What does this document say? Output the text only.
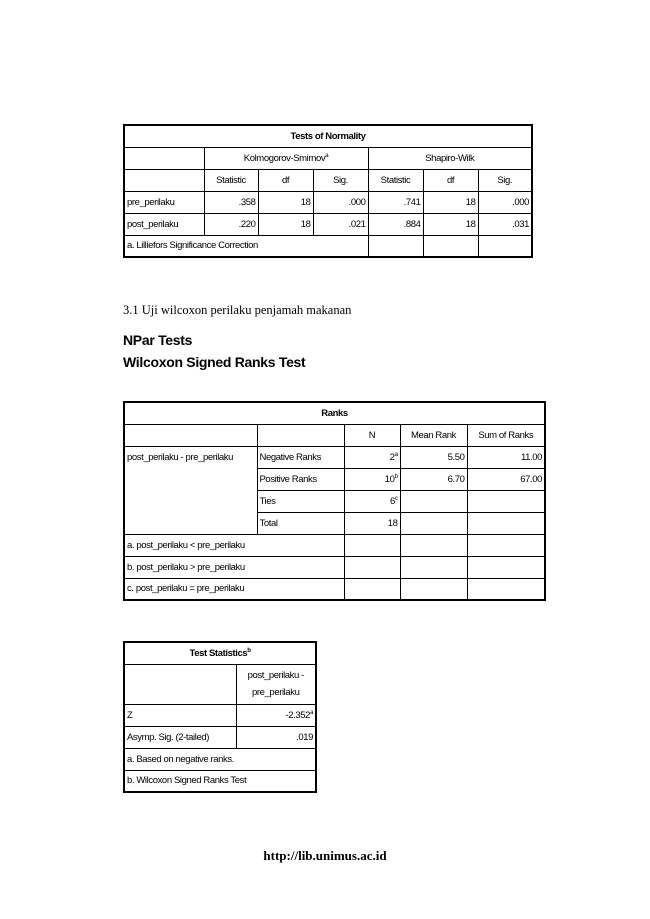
Tests of Normality						
	Kolmogorov-Smirnov$^a$			Shapiro-Wilk		
	Statistic	df	Sig.	Statistic	df	Sig.
pre_perilaku	.358	18	.000	.741	18	.000
post_perilaku	.220	18	.021	.884	18	.031
a. Lilliefors Significance Correction						
3.1 Uji wilcoxon perilaku penjamah makanan
NPar Tests
Wilcoxon Signed Ranks Test
Ranks				
		N	Mean Rank	Sum of Ranks
post_perilaku - pre_perilaku	Negative Ranks	2$^a$	5.50	11.00
	Positive Ranks	10$^b$	6.70	67.00
	Ties	6$^c$		
	Total	18		
a. post_perilaku < pre_perilaku				
b. post_perilaku > pre_perilaku				
c. post_perilaku = pre_perilaku				
Test Statistics$^b$

	post_perilaku -
pre_perilaku

Z	-2.352$^a$
Asymp. Sig. (2-tailed)	.019
a. Based on negative ranks.	
b. Wilcoxon Signed Ranks Test	
http://lib.unimus.ac.id
